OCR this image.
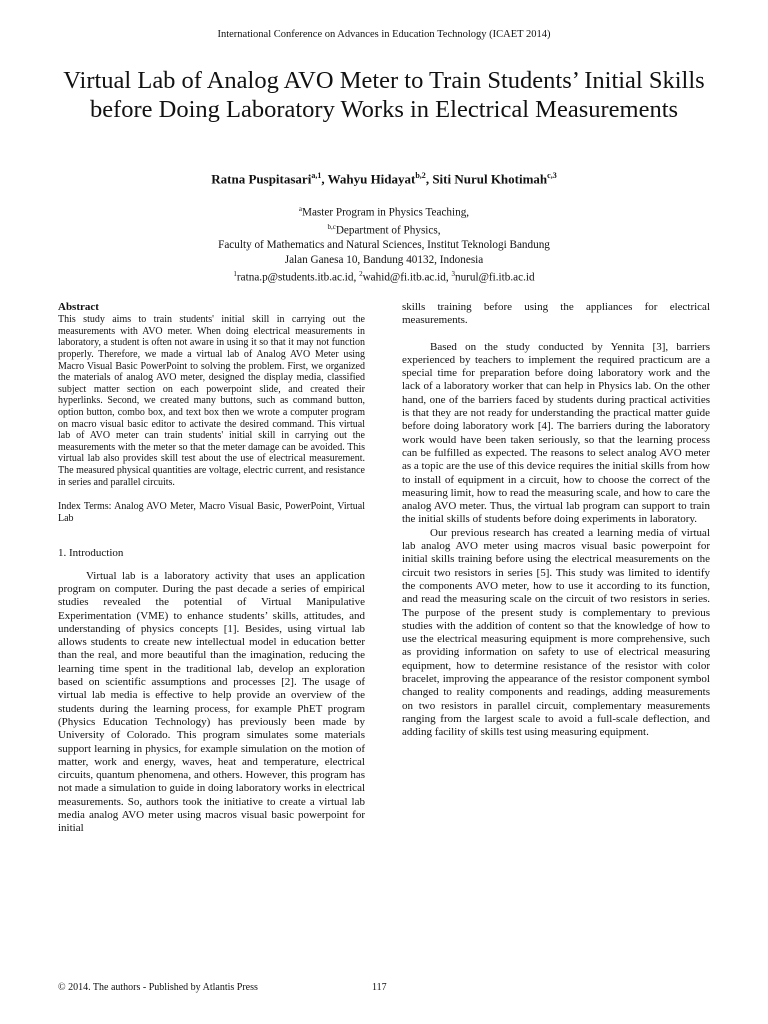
International Conference on Advances in Education Technology (ICAET 2014)
Virtual Lab of Analog AVO Meter to Train Students’ Initial Skills before Doing Laboratory Works in Electrical Measurements
Ratna Puspitasari$^{a,1}$, Wahyu Hidayat$^{b,2}$, Siti Nurul Khotimah$^{c,3}$
$^a$Master Program in Physics Teaching,
$^{b,c}$Department of Physics,
Faculty of Mathematics and Natural Sciences, Institut Teknologi Bandung
Jalan Ganesa 10, Bandung 40132, Indonesia
$^1$ratna.p@students.itb.ac.id, $^2$wahid@fi.itb.ac.id, $^3$nurul@fi.itb.ac.id

Abstract

This study aims to train students' initial skill in carrying out the measurements with AVO meter. When doing electrical measurements in laboratory, a student is often not aware in using it so that it may not function properly. Therefore, we made a virtual lab of Analog AVO Meter using Macro Visual Basic PowerPoint to solving the problem. First, we organized the materials of analog AVO meter, designed the display media, classified subject matter section on each powerpoint slide, and created their hyperlinks. Second, we created many buttons, such as command button, option button, combo box, and text box then we wrote a computer program on macro visual basic editor to activate the desired command. This virtual lab of AVO meter can train students' initial skill in carrying out the measurements with the meter so that the meter damage can be avoided. This virtual lab also provides skill test about the use of electrical measurement. The measured physical quantities are voltage, electric current, and resistance in series and parallel circuits.

Index Terms: Analog AVO Meter, Macro Visual Basic, PowerPoint, Virtual Lab

1. Introduction

Virtual lab is a laboratory activity that uses an application program on computer. During the past decade a series of empirical studies revealed the potential of Virtual Manipulative Experimentation (VME) to enhance students’ skills, attitudes, and understanding of physics concepts [1]. Besides, using virtual lab allows students to create new intellectual model in education better than the real, and more beautiful than the imagination, reducing the learning time spent in the traditional lab, develop an exploration based on scientific assumptions and processes [2]. The usage of virtual lab media is effective to help provide an overview of the students during the learning process, for example PhET program (Physics Education Technology) has previously been made by University of Colorado. This program simulates some materials support learning in physics, for example simulation on the motion of matter, work and energy, waves, heat and temperature, electrical circuits, quantum phenomena, and others. However, this program has not made a simulation to guide in doing laboratory works in electrical measurements. So, authors took the initiative to create a virtual lab media analog AVO meter using macros visual basic powerpoint for initial

skills training before using the appliances for electrical measurements.

Based on the study conducted by Yennita [3], barriers experienced by teachers to implement the required practicum are a special time for preparation before doing laboratory work and the lack of a laboratory worker that can help in Physics lab. On the other hand, one of the barriers faced by students during practical activities is that they are not ready for understanding the practical matter guide before doing laboratory work [4]. The barriers during the laboratory work would have been taken seriously, so that the learning process can be fulfilled as expected. The reasons to select analog AVO meter as a topic are the use of this device requires the initial skills from how to install of equipment in a circuit, how to choose the correct of the measuring limit, how to read the measuring scale, and how to care the analog AVO meter. Thus, the virtual lab program can support to train the initial skills of students before doing experiments in laboratory.

Our previous research has created a learning media of virtual lab analog AVO meter using macros visual basic powerpoint for initial skills training before using the electrical measurements on the circuit two resistors in series [5]. This study was limited to identify the components AVO meter, how to use it according to its function, and read the measuring scale on the circuit of two resistors in series. The purpose of the present study is complementary to previous studies with the addition of content so that the knowledge of how to use the electrical measuring equipment is more comprehensive, such as providing information on safety to use of electrical measuring equipment, how to determine resistance of the resistor with color bracelet, improving the appearance of the resistor component symbol changed to reality components and readings, adding measurements on two resistors in parallel circuit, complementary measurements ranging from the largest scale to avoid a full-scale deflection, and adding facility of skills test using measuring equipment.

© 2014. The authors - Published by Atlantis Press	117
